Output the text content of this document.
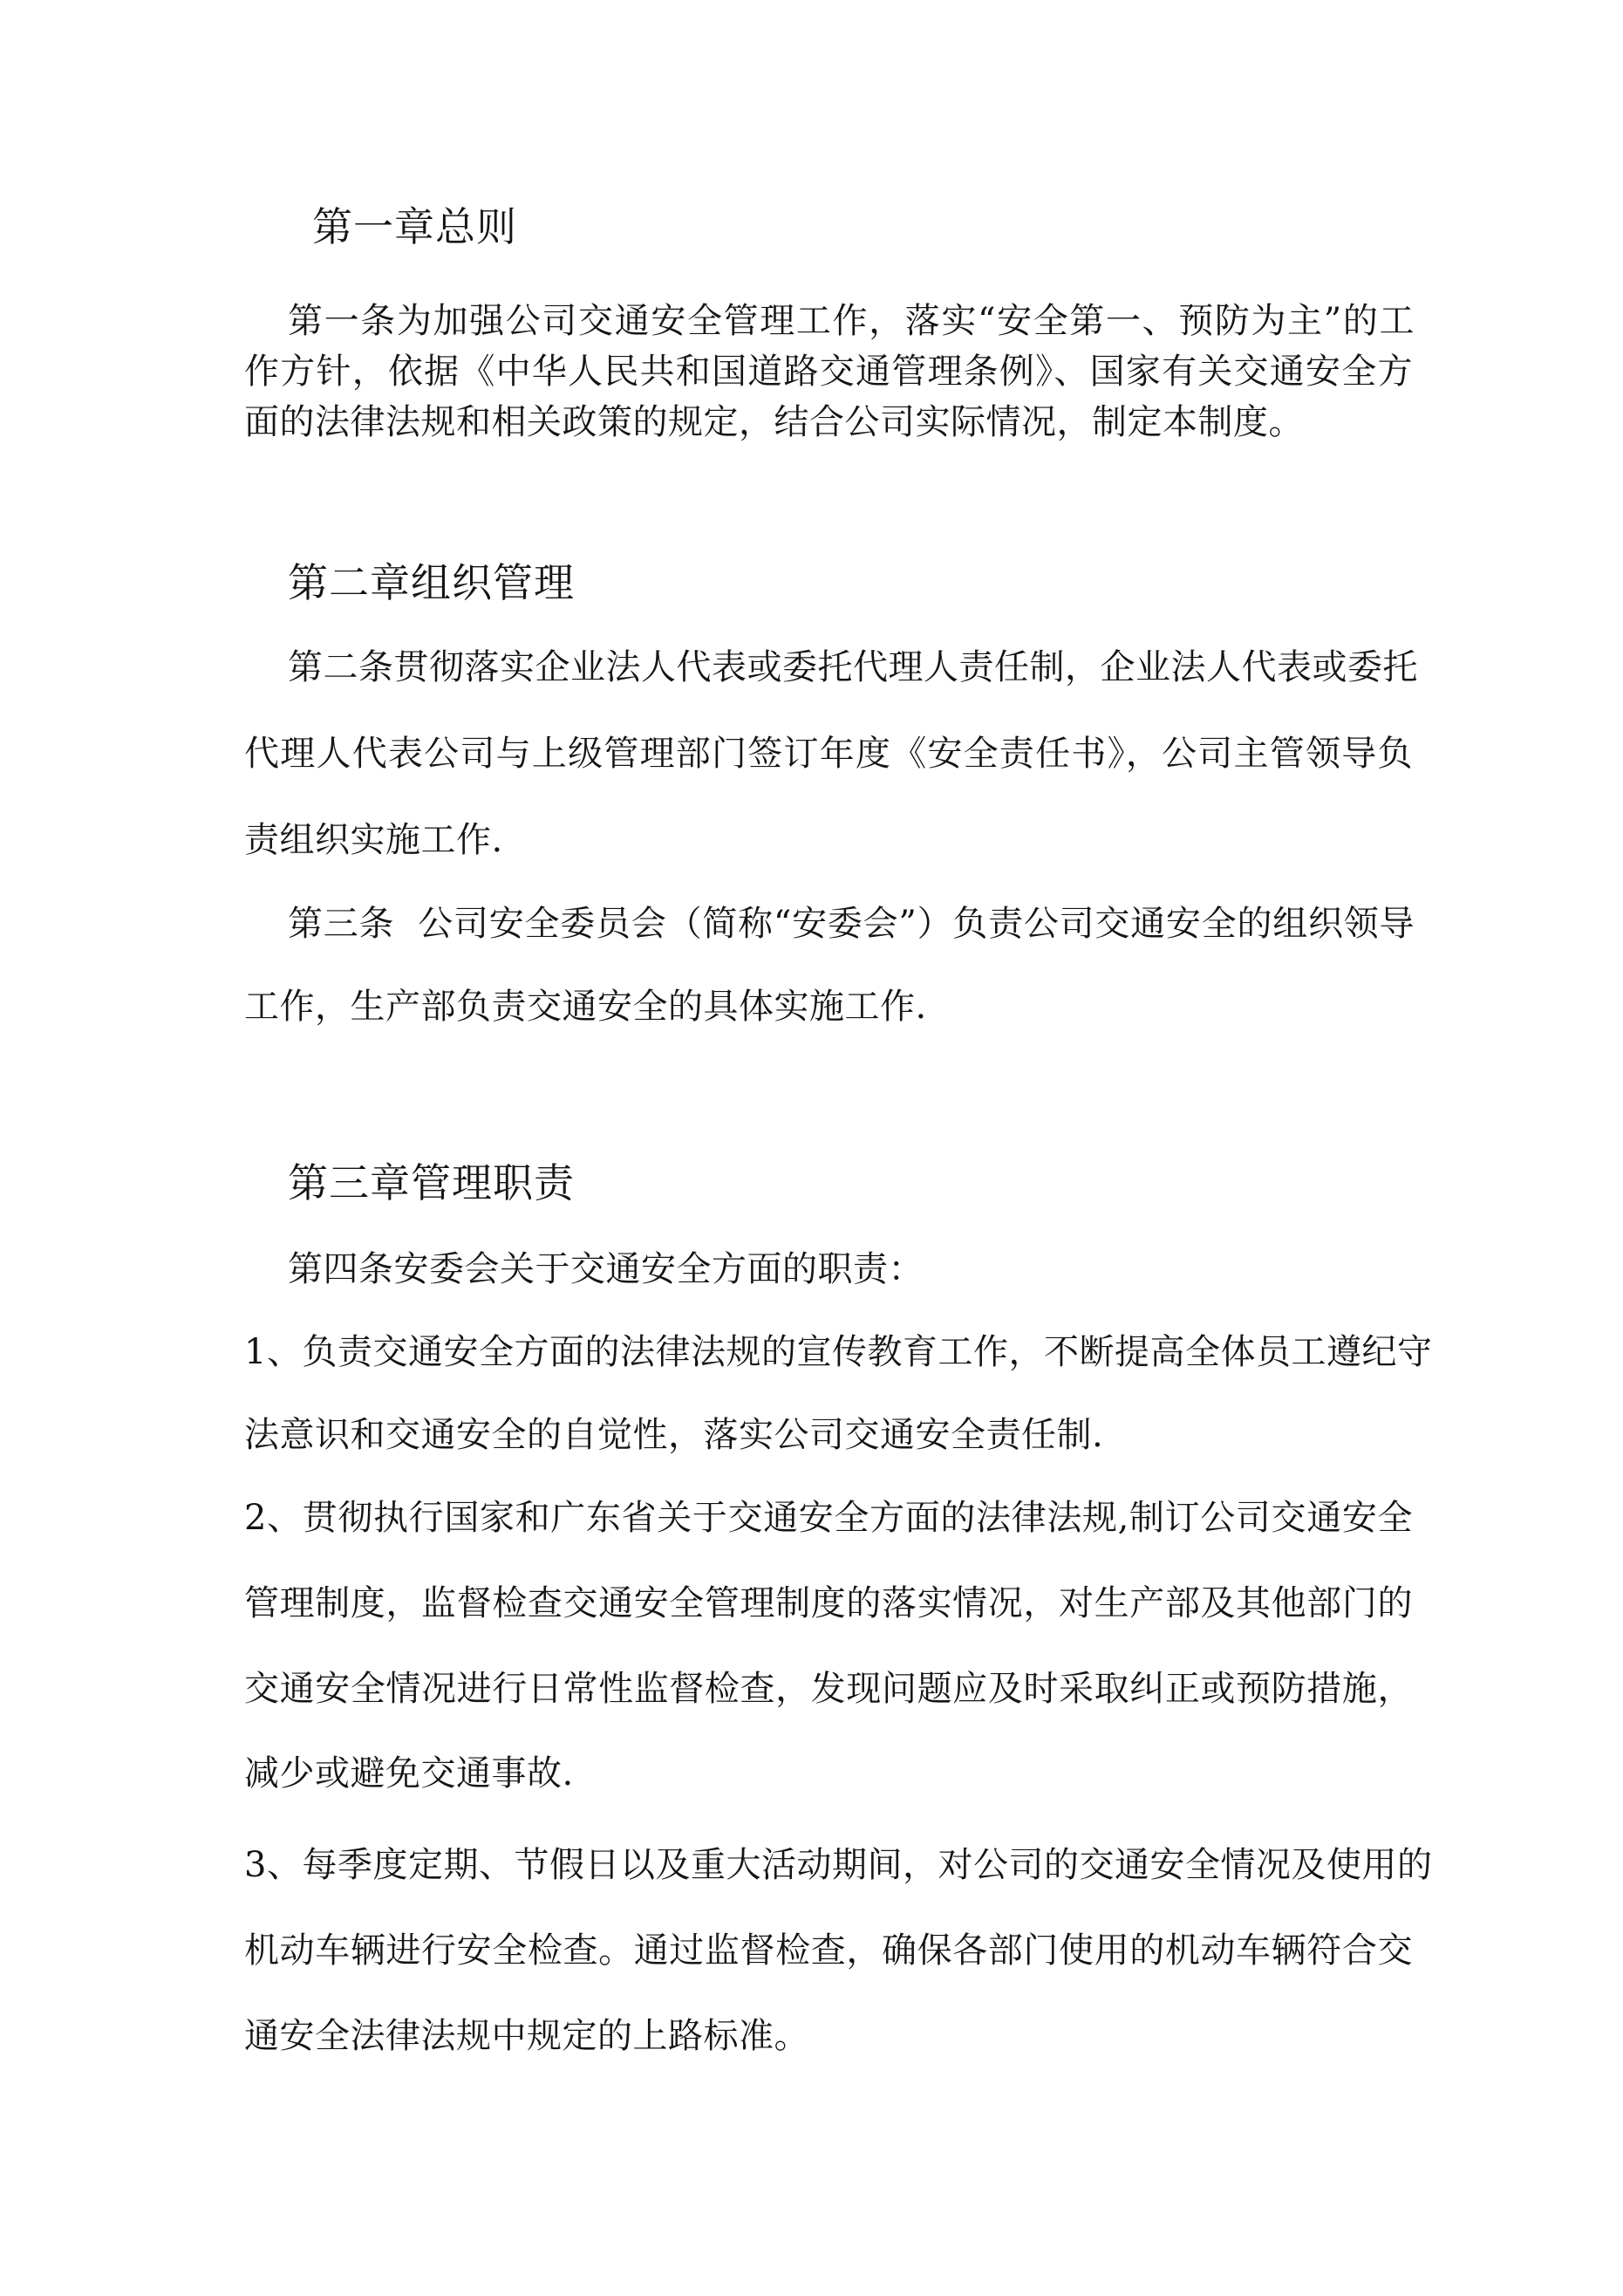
第一章总则
第一条为加强公司交通安全管理工作，落实“安全第一、预防为主”的工
作方针，依据《中华人民共和国道路交通管理条例》、国家有关交通安全方
面的法律法规和相关政策的规定，结合公司实际情况，制定本制度。
第二章组织管理
第二条贯彻落实企业法人代表或委托代理人责任制，企业法人代表或委托
代理人代表公司与上级管理部门签订年度《安全责任书》，公司主管领导负
责组织实施工作.
第三条  公司安全委员会（简称“安委会”）负责公司交通安全的组织领导
工作，生产部负责交通安全的具体实施工作.
第三章管理职责
第四条安委会关于交通安全方面的职责：
1、负责交通安全方面的法律法规的宣传教育工作，不断提高全体员工遵纪守
法意识和交通安全的自觉性，落实公司交通安全责任制.
2、贯彻执行国家和广东省关于交通安全方面的法律法规,制订公司交通安全
管理制度，监督检查交通安全管理制度的落实情况，对生产部及其他部门的
交通安全情况进行日常性监督检查，发现问题应及时采取纠正或预防措施，
减少或避免交通事故.
3、每季度定期、节假日以及重大活动期间，对公司的交通安全情况及使用的
机动车辆进行安全检查。通过监督检查，确保各部门使用的机动车辆符合交
通安全法律法规中规定的上路标准。
